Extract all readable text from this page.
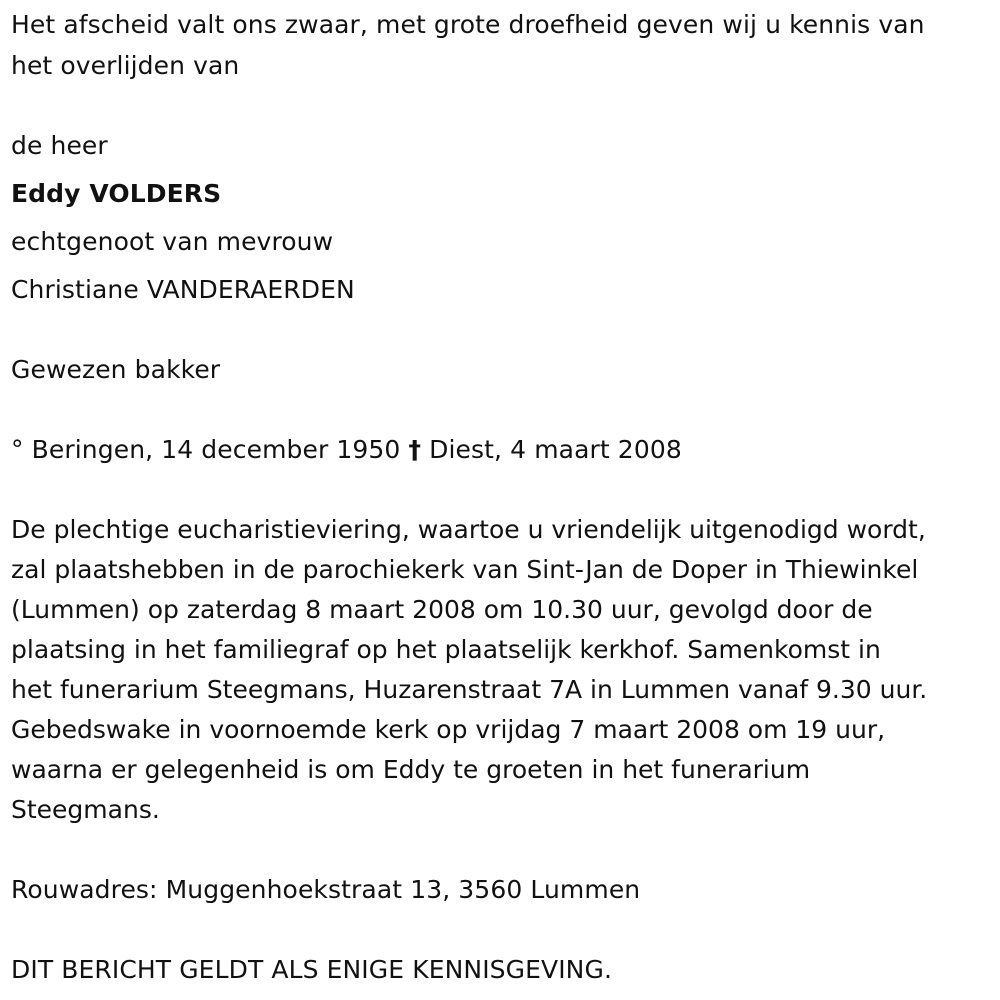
Het afscheid valt ons zwaar, met grote droefheid geven wij u kennis van

het overlijden van

de heer

Eddy VOLDERS

echtgenoot van mevrouw

Christiane VANDERAERDEN

Gewezen bakker

° Beringen, 14 december 1950 † Diest, 4 maart 2008

De plechtige eucharistieviering, waartoe u vriendelijk uitgenodigd wordt,
zal plaatshebben in de parochiekerk van Sint-Jan de Doper in Thiewinkel
(Lummen) op zaterdag 8 maart 2008 om 10.30 uur, gevolgd door de
plaatsing in het familiegraf op het plaatselijk kerkhof. Samenkomst in
het funerarium Steegmans, Huzarenstraat 7A in Lummen vanaf 9.30 uur.
Gebedswake in voornoemde kerk op vrijdag 7 maart 2008 om 19 uur,
waarna er gelegenheid is om Eddy te groeten in het funerarium
Steegmans.

Rouwadres: Muggenhoekstraat 13, 3560 Lummen

DIT BERICHT GELDT ALS ENIGE KENNISGEVING.
